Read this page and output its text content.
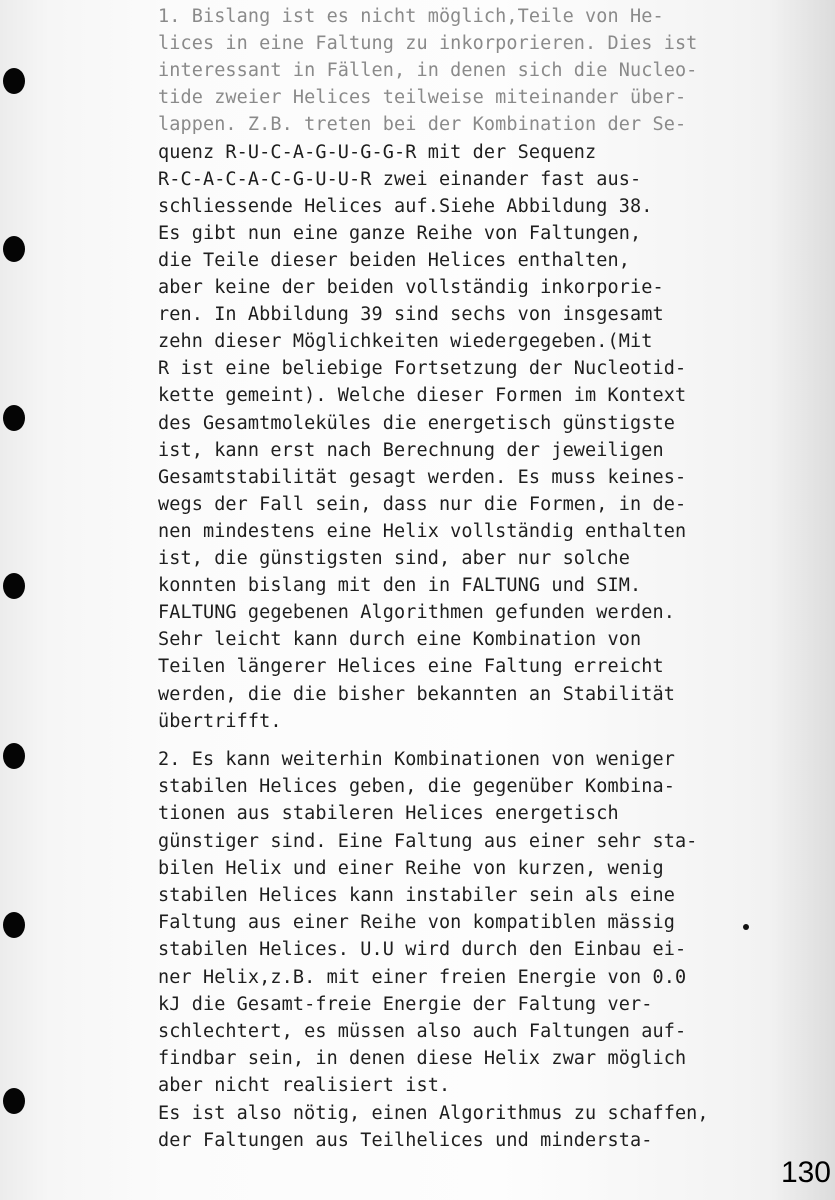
1. Bislang ist es nicht möglich,Teile von He-
lices in eine Faltung zu inkorporieren. Dies ist
interessant in Fällen, in denen sich die Nucleo-
tide zweier Helices teilweise miteinander über-
lappen. Z.B. treten bei der Kombination der Se-
quenz R-U-C-A-G-U-G-G-R mit der Sequenz
R-C-A-C-A-C-G-U-U-R zwei einander fast aus-
schliessende Helices auf.Siehe Abbildung 38.
Es gibt nun eine ganze Reihe von Faltungen,
die Teile dieser beiden Helices enthalten,
aber keine der beiden vollständig inkorporie-
ren. In Abbildung 39 sind sechs von insgesamt
zehn dieser Möglichkeiten wiedergegeben.(Mit
R ist eine beliebige Fortsetzung der Nucleotid-
kette gemeint). Welche dieser Formen im Kontext
des Gesamtmoleküles die energetisch günstigste
ist, kann erst nach Berechnung der jeweiligen
Gesamtstabilität gesagt werden. Es muss keines-
wegs der Fall sein, dass nur die Formen, in de-
nen mindestens eine Helix vollständig enthalten
ist, die günstigsten sind, aber nur solche
konnten bislang mit den in FALTUNG und SIM.
FALTUNG gegebenen Algorithmen gefunden werden.
Sehr leicht kann durch eine Kombination von
Teilen längerer Helices eine Faltung erreicht
werden, die die bisher bekannten an Stabilität
übertrifft.
2. Es kann weiterhin Kombinationen von weniger
stabilen Helices geben, die gegenüber Kombina-
tionen aus stabileren Helices energetisch
günstiger sind. Eine Faltung aus einer sehr sta-
bilen Helix und einer Reihe von kurzen, wenig
stabilen Helices kann instabiler sein als eine
Faltung aus einer Reihe von kompatiblen mässig
stabilen Helices. U.U wird durch den Einbau ei-
ner Helix,z.B. mit einer freien Energie von 0.0
kJ die Gesamt-freie Energie der Faltung ver-
schlechtert, es müssen also auch Faltungen auf-
findbar sein, in denen diese Helix zwar möglich
aber nicht realisiert ist.
Es ist also nötig, einen Algorithmus zu schaffen,
der Faltungen aus Teilhelices und mindersta-
130
